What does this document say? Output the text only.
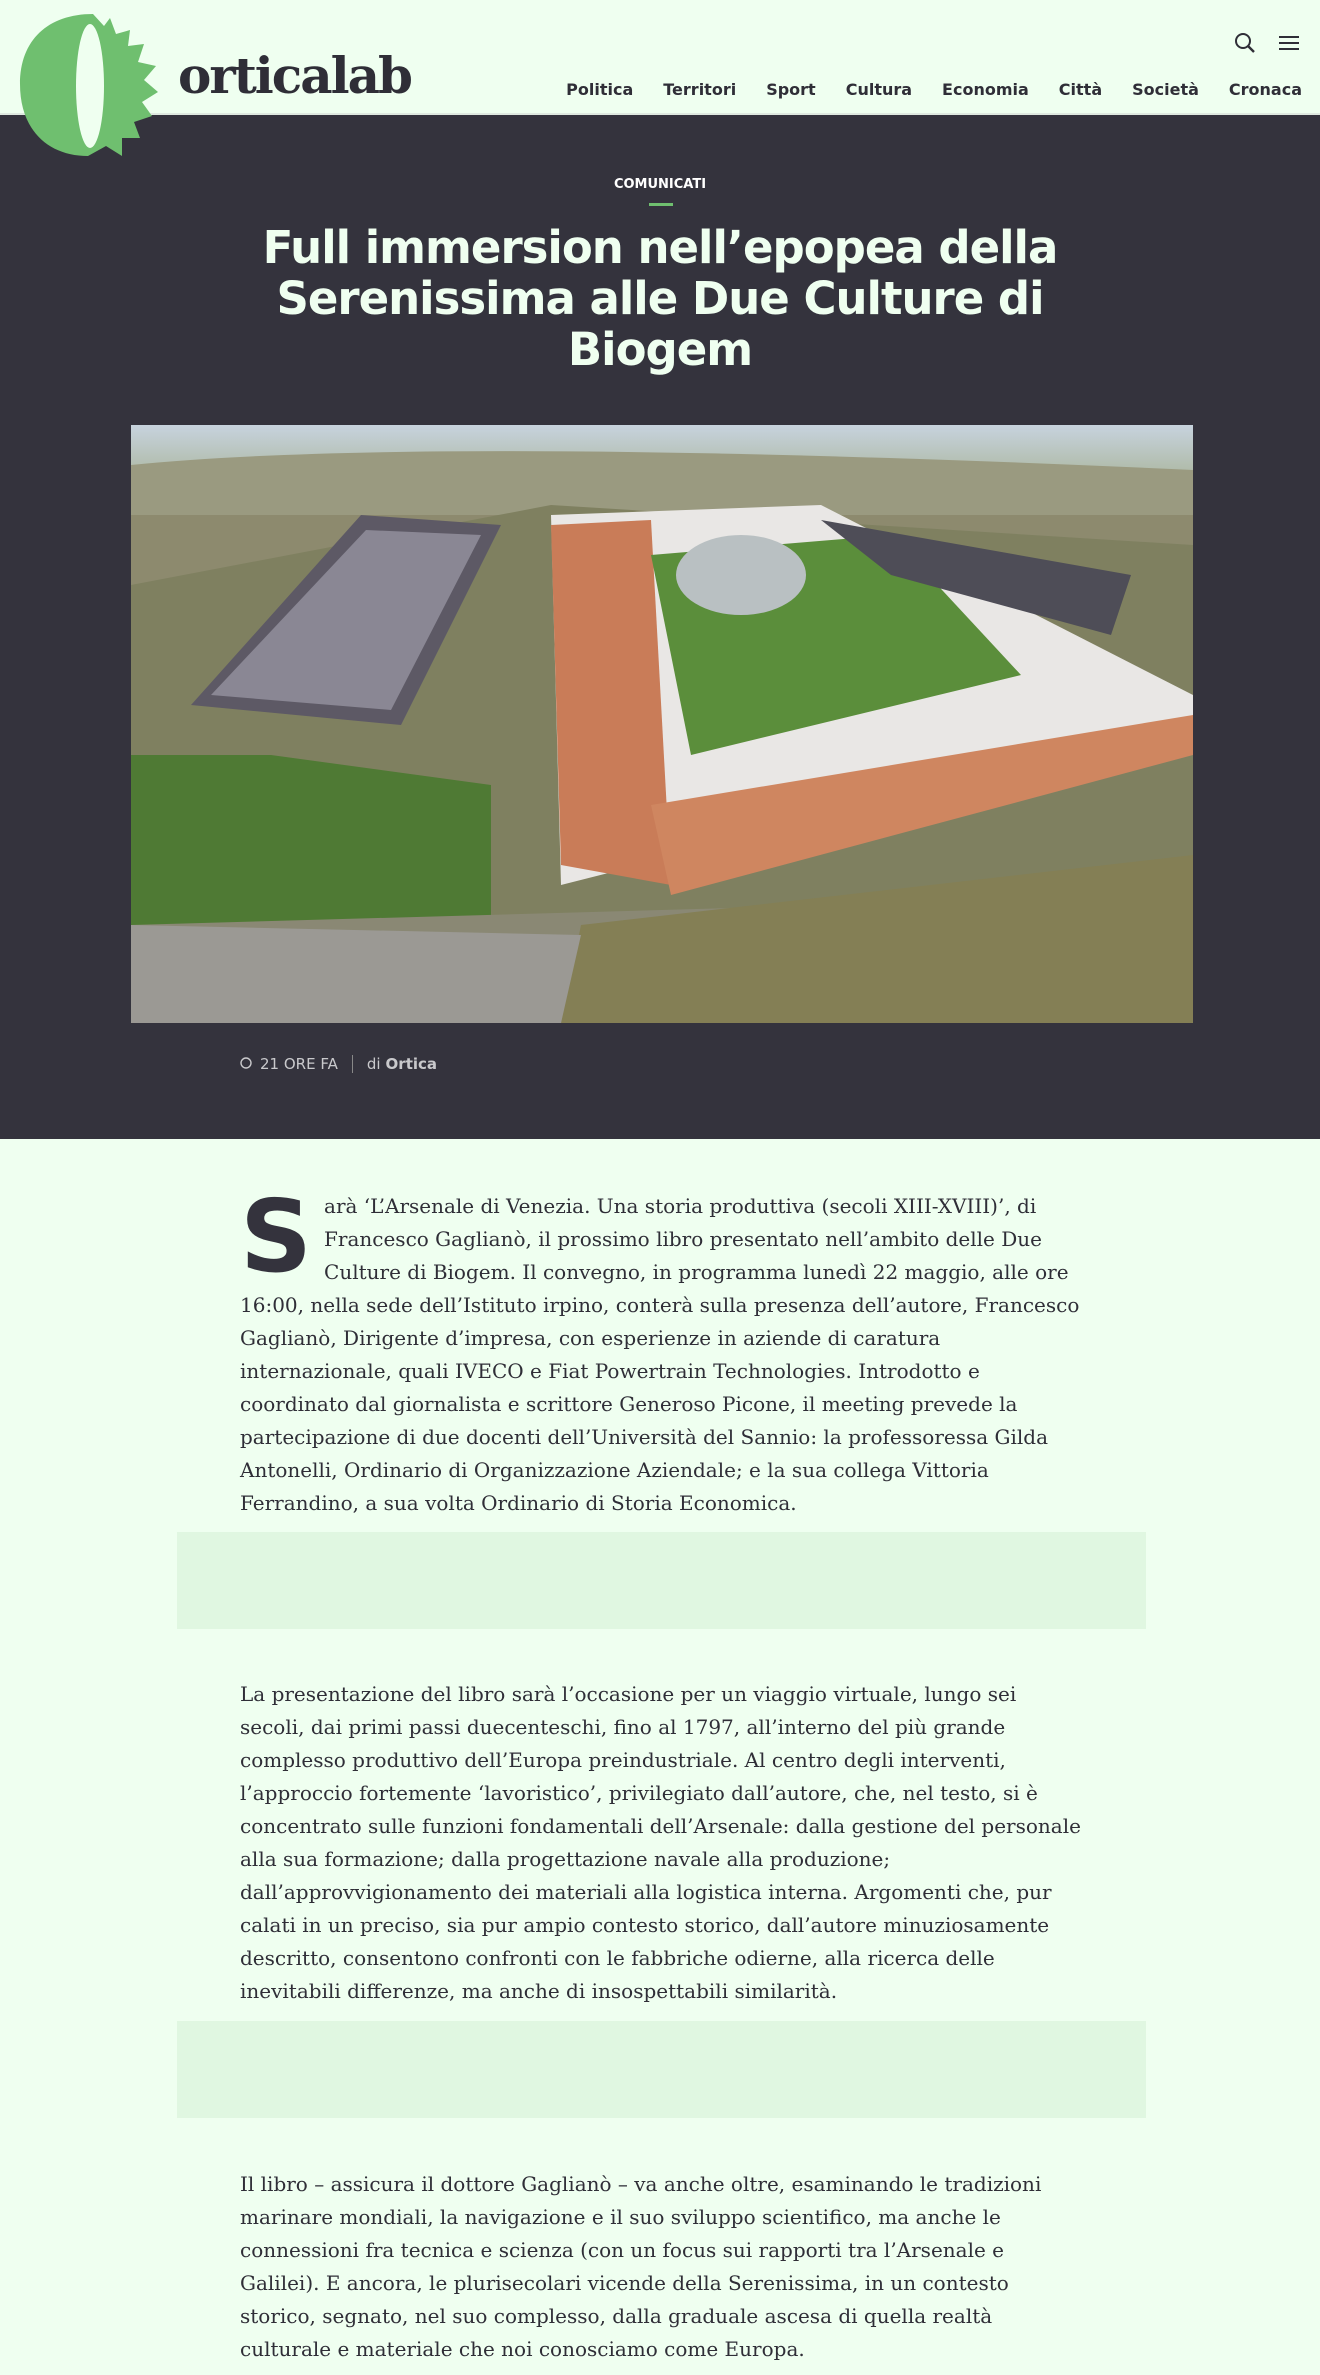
orticalab	Politica Territori Sport Cultura Economia Città Società Cronaca
COMUNICATI
Full immersion nell’epopea della Serenissima alle Due Culture di Biogem
21 ORE FA di Ortica
Sarà ‘L’Arsenale di Venezia. Una storia produttiva (secoli XIII-XVIII)’, di Francesco Gaglianò, il prossimo libro presentato nell’ambito delle Due Culture di Biogem. Il convegno, in programma lunedì 22 maggio, alle ore 16:00, nella sede dell’Istituto irpino, conterà sulla presenza dell’autore, Francesco Gaglianò, Dirigente d’impresa, con esperienze in aziende di caratura internazionale, quali IVECO e Fiat Powertrain Technologies. Introdotto e coordinato dal giornalista e scrittore Generoso Picone, il meeting prevede la partecipazione di due docenti dell’Università del Sannio: la professoressa Gilda Antonelli, Ordinario di Organizzazione Aziendale; e la sua collega Vittoria Ferrandino, a sua volta Ordinario di Storia Economica.
La presentazione del libro sarà l’occasione per un viaggio virtuale, lungo sei secoli, dai primi passi duecenteschi, fino al 1797, all’interno del più grande complesso produttivo dell’Europa preindustriale. Al centro degli interventi, l’approccio fortemente ‘lavoristico’, privilegiato dall’autore, che, nel testo, si è concentrato sulle funzioni fondamentali dell’Arsenale: dalla gestione del personale alla sua formazione; dalla progettazione navale alla produzione; dall’approvvigionamento dei materiali alla logistica interna. Argomenti che, pur calati in un preciso, sia pur ampio contesto storico, dall’autore minuziosamente descritto, consentono confronti con le fabbriche odierne, alla ricerca delle inevitabili differenze, ma anche di insospettabili similarità.
Il libro – assicura il dottore Gaglianò – va anche oltre, esaminando le tradizioni marinare mondiali, la navigazione e il suo sviluppo scientifico, ma anche le connessioni fra tecnica e scienza (con un focus sui rapporti tra l’Arsenale e Galilei). E ancora, le plurisecolari vicende della Serenissima, in un contesto storico, segnato, nel suo complesso, dalla graduale ascesa di quella realtà culturale e materiale che noi conosciamo come Europa.
